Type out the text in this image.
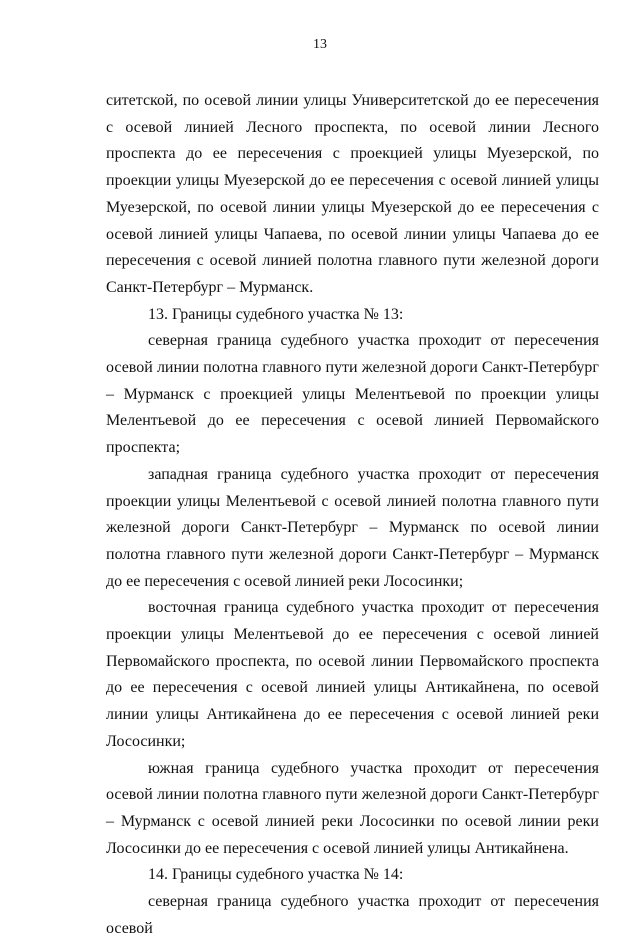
13

ситетской, по осевой линии улицы Университетской до ее пересечения с осевой линией Лесного проспекта, по осевой линии Лесного проспекта до ее пересечения с проекцией улицы Муезерской, по проекции улицы Муезерской до ее пересечения с осевой линией улицы Муезерской, по осевой линии улицы Муезерской до ее пересечения с осевой линией улицы Чапаева, по осевой линии улицы Чапаева до ее пересечения с осевой линией полотна главного пути железной дороги Санкт-Петербург – Мурманск.

13. Границы судебного участка № 13:

северная граница судебного участка проходит от пересечения осевой линии полотна главного пути железной дороги Санкт-Петербург – Мурманск с проекцией улицы Мелентьевой по проекции улицы Мелентьевой до ее пересечения с осевой линией Первомайского проспекта;

западная граница судебного участка проходит от пересечения проекции улицы Мелентьевой с осевой линией полотна главного пути железной дороги Санкт-Петербург – Мурманск по осевой линии полотна главного пути железной дороги Санкт-Петербург – Мурманск до ее пересечения с осевой линией реки Лососинки;

восточная граница судебного участка проходит от пересечения проекции улицы Мелентьевой до ее пересечения с осевой линией Первомайского проспекта, по осевой линии Первомайского проспекта до ее пересечения с осевой линией улицы Антикайнена, по осевой линии улицы Антикайнена до ее пересечения с осевой линией реки Лососинки;

южная граница судебного участка проходит от пересечения осевой линии полотна главного пути железной дороги Санкт-Петербург – Мурманск с осевой линией реки Лососинки по осевой линии реки Лососинки до ее пересечения с осевой линией улицы Антикайнена.

14. Границы судебного участка № 14:

северная граница судебного участка проходит от пересечения осевой
